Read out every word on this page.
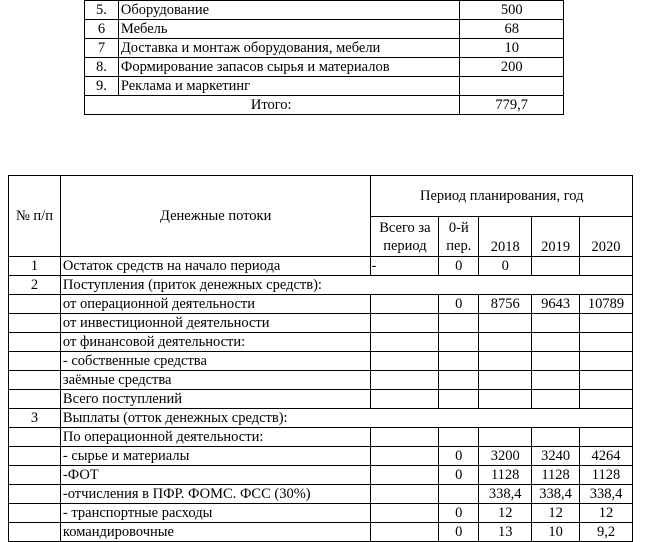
5.	Оборудование	500
6	Мебель	68
7	Доставка и монтаж оборудования, мебели	10
8.	Формирование запасов сырья и материалов	200
9.	Реклама и маркетинг	
Итого:		779,7
№ п/п	Денежные потоки	Период планирования, год				
		Всего за период	0-й пер.	2018	2019	2020
1	Остаток средств на начало периода	-	0	0		
2	Поступления (приток денежных средств):					
	от операционной деятельности		0	8756	9643	10789
	от инвестиционной деятельности					
	от финансовой деятельности:					
	- собственные средства					
	заёмные средства					
	Всего поступлений					
3	Выплаты (отток денежных средств):					
	По операционной деятельности:					
	- сырье и материалы		0	3200	3240	4264
	-ФОТ		0	1128	1128	1128
	-отчисления в ПФР. ФОМС. ФСС (30%)			338,4	338,4	338,4
	- транспортные расходы		0	12	12	12
	командировочные		0	13	10	9,2
